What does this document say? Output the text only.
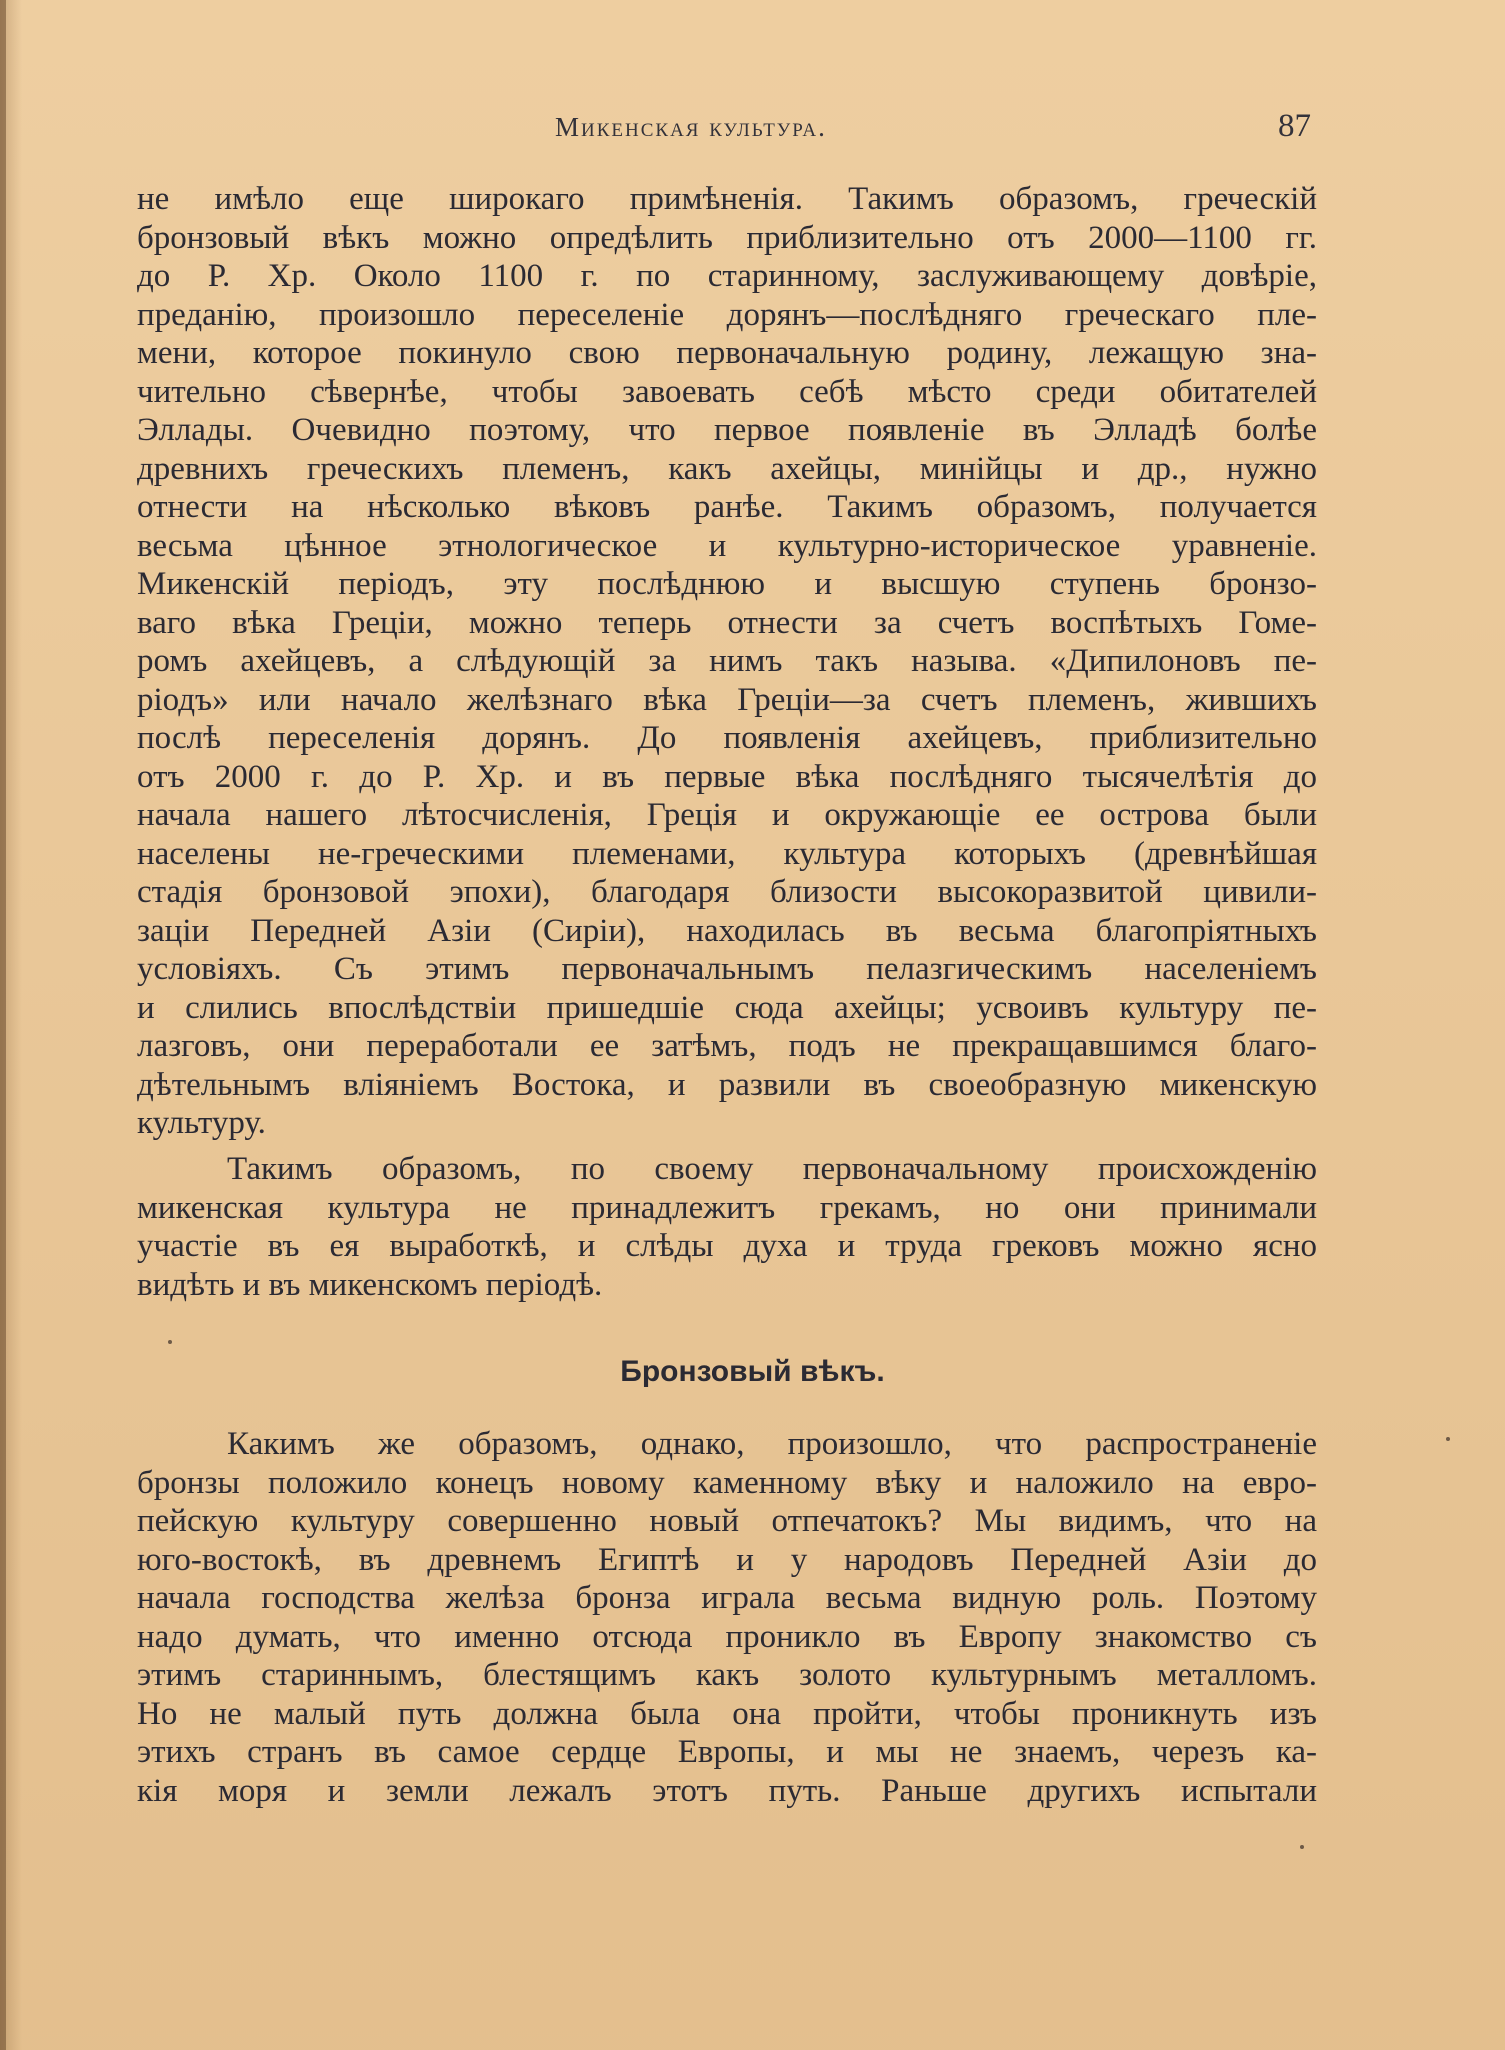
Микенская культура.	87
не имѣло еще широкаго примѣненія. Такимъ образомъ, греческій
бронзовый вѣкъ можно опредѣлить приблизительно отъ 2000—1100 гг.
до Р. Хр. Около 1100 г. по старинному, заслуживающему довѣріе,
преданію, произошло переселеніе дорянъ—послѣдняго греческаго пле-
мени, которое покинуло свою первоначальную родину, лежащую зна-
чительно сѣвернѣе, чтобы завоевать себѣ мѣсто среди обитателей
Эллады. Очевидно поэтому, что первое появленіе въ Элладѣ болѣе
древнихъ греческихъ племенъ, какъ ахейцы, минійцы и др., нужно
отнести на нѣсколько вѣковъ ранѣе. Такимъ образомъ, получается
весьма цѣнное этнологическое и культурно-историческое уравненіе.
Микенскій періодъ, эту послѣднюю и высшую ступень бронзо-
ваго вѣка Греціи, можно теперь отнести за счетъ воспѣтыхъ Гоме-
ромъ ахейцевъ, а слѣдующій за нимъ такъ называ. «Дипилоновъ пе-
ріодъ» или начало желѣзнаго вѣка Греціи—за счетъ племенъ, жившихъ
послѣ переселенія дорянъ. До появленія ахейцевъ, приблизительно
отъ 2000 г. до Р. Хр. и въ первые вѣка послѣдняго тысячелѣтія до
начала нашего лѣтосчисленія, Греція и окружающіе ее острова были
населены не-греческими племенами, культура которыхъ (древнѣйшая
стадія бронзовой эпохи), благодаря близости высокоразвитой цивили-
заціи Передней Азіи (Сиріи), находилась въ весьма благопріятныхъ
условіяхъ. Съ этимъ первоначальнымъ пелазгическимъ населеніемъ
и слились впослѣдствіи пришедшіе сюда ахейцы; усвоивъ культуру пе-
лазговъ, они переработали ее затѣмъ, подъ не прекращавшимся благо-
дѣтельнымъ вліяніемъ Востока, и развили въ своеобразную микенскую
культуру.
Такимъ образомъ, по своему первоначальному происхожденію
микенская культура не принадлежитъ грекамъ, но они принимали
участіе въ ея выработкѣ, и слѣды духа и труда грековъ можно ясно
видѣть и въ микенскомъ періодѣ.
Бронзовый вѣкъ.
Какимъ же образомъ, однако, произошло, что распространеніе
бронзы положило конецъ новому каменному вѣку и наложило на евро-
пейскую культуру совершенно новый отпечатокъ? Мы видимъ, что на
юго-востокѣ, въ древнемъ Египтѣ и у народовъ Передней Азіи до
начала господства желѣза бронза играла весьма видную роль. Поэтому
надо думать, что именно отсюда проникло въ Европу знакомство съ
этимъ стариннымъ, блестящимъ какъ золото культурнымъ металломъ.
Но не малый путь должна была она пройти, чтобы проникнуть изъ
этихъ странъ въ самое сердце Европы, и мы не знаемъ, черезъ ка-
кія моря и земли лежалъ этотъ путь. Раньше другихъ испытали
